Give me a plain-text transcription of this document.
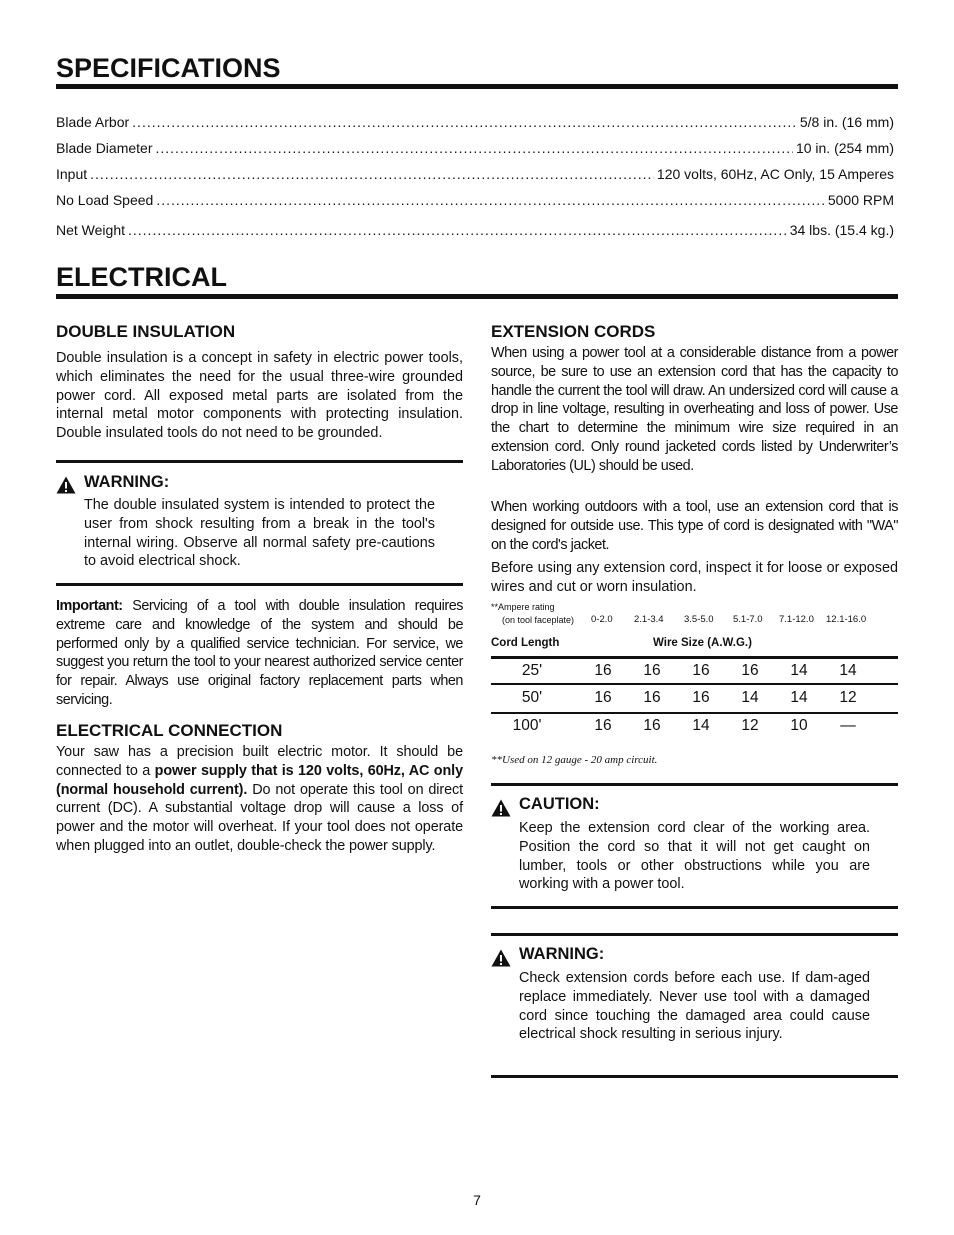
SPECIFICATIONS
Blade Arbor .....	5/8 in. (16 mm)
Blade Diameter .....	10 in. (254 mm)
Input .....	120 volts, 60Hz, AC Only, 15 Amperes
No Load Speed .....	5000 RPM
Net Weight .....	34 lbs. (15.4 kg.)
ELECTRICAL
DOUBLE INSULATION
Double insulation is a concept in safety in electric power tools, which eliminates the need for the usual three-wire grounded power cord. All exposed metal parts are isolated from the internal metal motor components with protecting insulation. Double insulated tools do not need to be grounded.
WARNING:
The double insulated system is intended to protect the user from shock resulting from a break in the tool's internal wiring. Observe all normal safety pre-cautions to avoid electrical shock.
Important: Servicing of a tool with double insulation requires extreme care and knowledge of the system and should be performed only by a qualified service technician. For service, we suggest you return the tool to your nearest authorized service center for repair. Always use original factory replacement parts when servicing.
ELECTRICAL CONNECTION
Your saw has a precision built electric motor. It should be connected to a power supply that is 120 volts, 60Hz, AC only (normal household current). Do not operate this tool on direct current (DC). A substantial voltage drop will cause a loss of power and the motor will overheat. If your tool does not operate when plugged into an outlet, double-check the power supply.
EXTENSION CORDS
When using a power tool at a considerable distance from a power source, be sure to use an extension cord that has the capacity to handle the current the tool will draw. An undersized cord will cause a drop in line voltage, resulting in overheating and loss of power. Use the chart to determine the minimum wire size required in an extension cord. Only round jacketed cords listed by Underwriter’s Laboratories (UL) should be used.
When working outdoors with a tool, use an extension cord that is designed for outside use. This type of cord is designated with "WA" on the cord's jacket.
Before using any extension cord, inspect it for loose or exposed wires and cut or worn insulation.
**Ampere rating
(on tool faceplate) 0-2.0 2.1-3.4 3.5-5.0 5.1-7.0 7.1-12.0 12.1-16.0
Cord Length	Wire Size (A.W.G.)
25'	16	16	16	16	14	14
50'	16	16	16	14	14	12
100'	16	16	14	12	10	—
**Used on 12 gauge - 20 amp circuit.
CAUTION:
Keep the extension cord clear of the working area. Position the cord so that it will not get caught on lumber, tools or other obstructions while you are working with a power tool.
WARNING:
Check extension cords before each use. If dam-aged replace immediately. Never use tool with a damaged cord since touching the damaged area could cause electrical shock resulting in serious injury.
7
